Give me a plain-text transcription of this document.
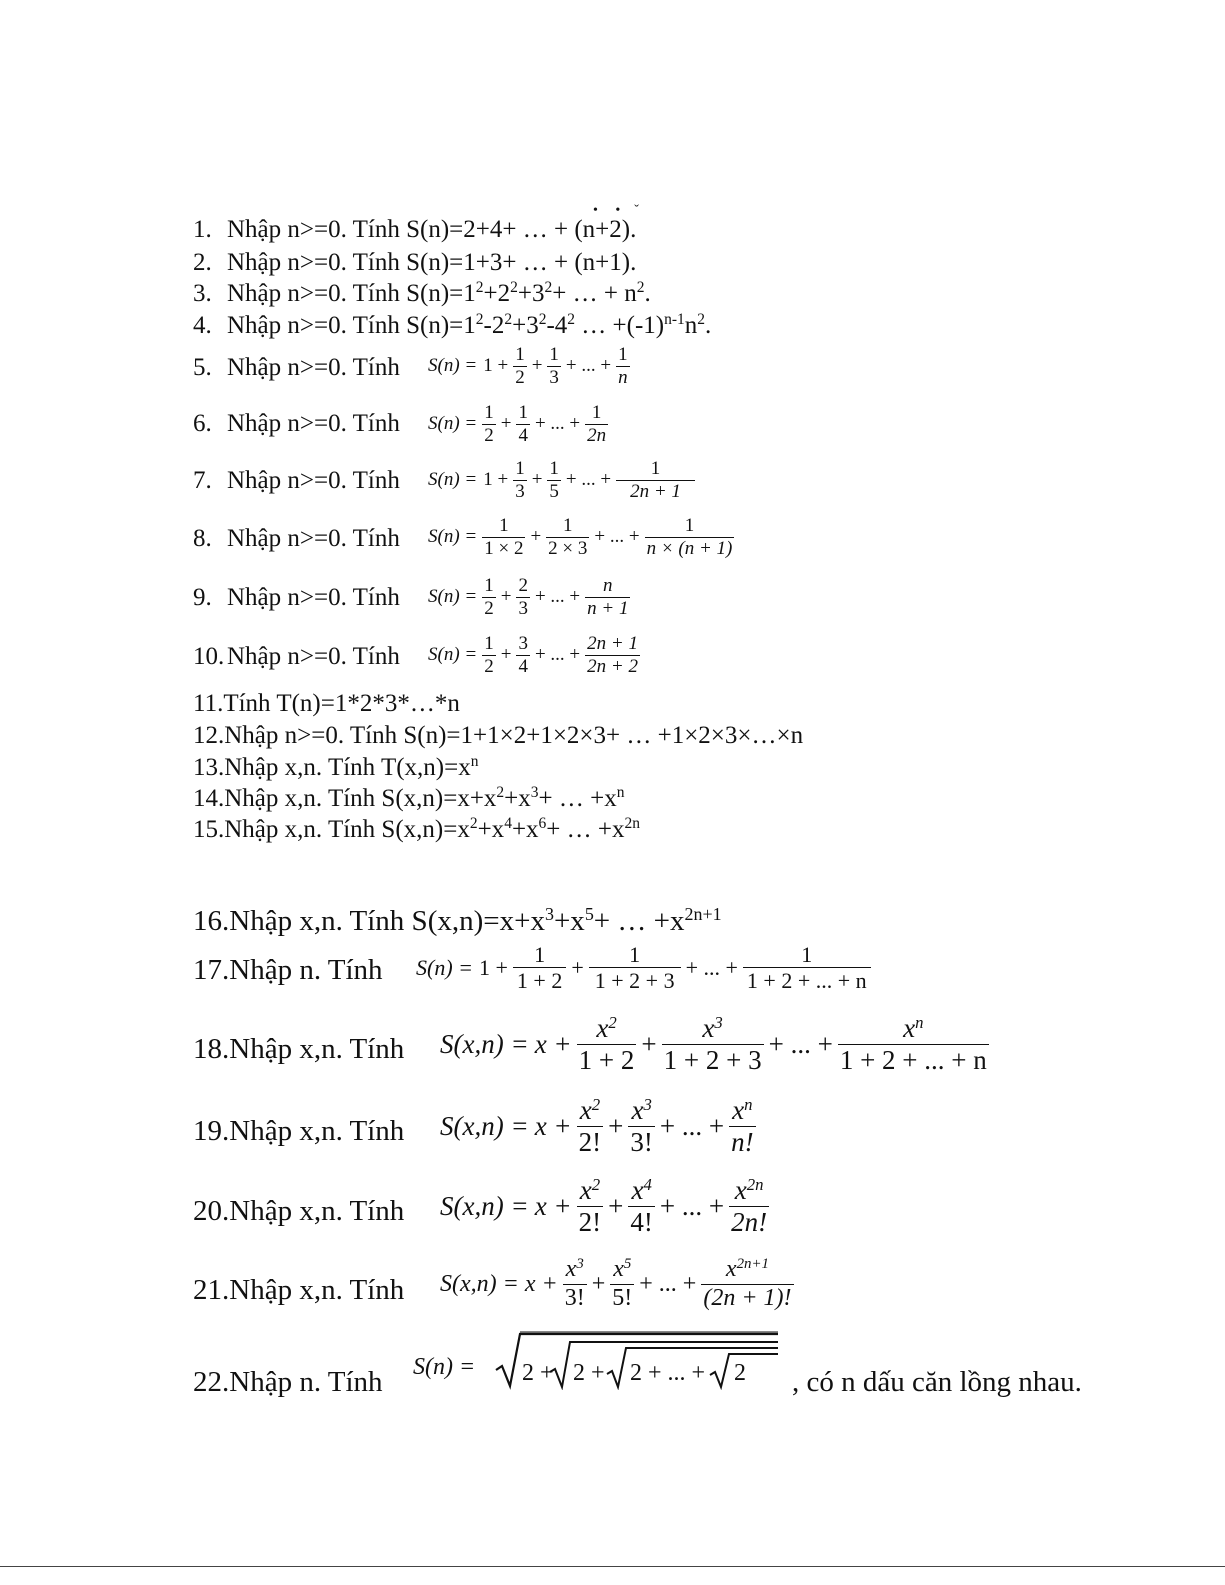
•     •    ˇ
1. Nhập n>=0. Tính S(n)=2+4+ … + (n+2).
2. Nhập n>=0. Tính S(n)=1+3+ … + (n+1).
3. Nhập n>=0. Tính $S(n)=1^2+2^2+3^2+$ … + $n^2$.
4. Nhập n>=0. Tính $S(n)=1^2-2^2+3^2-4^2$ … $+(-1)^{n-1}n^2$.
5. Nhập n>=0. Tính $S(n) = 1 + \frac{1}{2} + \frac{1}{3}$ + ... + $\frac{1}{n}$
6. Nhập n>=0. Tính $S(n) = \frac{1}{2} + \frac{1}{4}$ + ... + $\frac{1}{2n}$
7. Nhập n>=0. Tính $S(n) = 1 + \frac{1}{3} + \frac{1}{5}$ + ... + $\frac{1}{2n + 1}$
8. Nhập n>=0. Tính $S(n) = \frac{1}{1 \times 2} + \frac{1}{2 \times 3}$ + ... + $\frac{1}{n \times (n + 1)}$
9. Nhập n>=0. Tính $S(n) = \frac{1}{2} + \frac{2}{3}$ + ... + $\frac{n}{n + 1}$
10. Nhập n>=0. Tính $S(n) = \frac{1}{2} + \frac{3}{4}$ + ... + $\frac{2n + 1}{2n + 2}$
11.Tính T(n)=1*2*3*…*n
12.Nhập n>=0. Tính S(n)=1+1×2+1×2×3+ … +1×2×3×…×n
13.Nhập x,n. Tính $T(x,n)=x^n$
14.Nhập x,n. Tính $S(x,n)=x+x^2+x^3+$ … $+x^n$
15.Nhập x,n. Tính $S(x,n)=x^2+x^4+x^6+$ … $+x^{2n}$
16.Nhập x,n. Tính $S(x,n)=x+x^3+x^5+$ … $+x^{2n+1}$
17.Nhập n. Tính $S(n) = 1 + \frac{1}{1 + 2} + \frac{1}{1 + 2 + 3}$ + ... + $\frac{1}{1 + 2 + ... + n}$
18.Nhập x,n. Tính $S(x,n) = x + \frac{x^2}{1 + 2} + \frac{x^3}{1 + 2 + 3}$ + ... + $\frac{x^n}{1 + 2 + ... + n}$
19.Nhập x,n. Tính $S(x,n) = x + \frac{x^2}{2!} + \frac{x^3}{3!}$ + ... + $\frac{x^n}{n!}$
20.Nhập x,n. Tính $S(x,n) = x + \frac{x^2}{2!} + \frac{x^4}{4!}$ + ... + $\frac{x^{2n}}{2n!}$
21.Nhập x,n. Tính $S(x,n) = x + \frac{x^3}{3!} + \frac{x^5}{5!}$ + ... + $\frac{x^{2n+1}}{(2n + 1)!}$
22.Nhập n. Tính S(n) = 2 + 2 + 2 + ... + 2 , có n dấu căn lồng nhau.
